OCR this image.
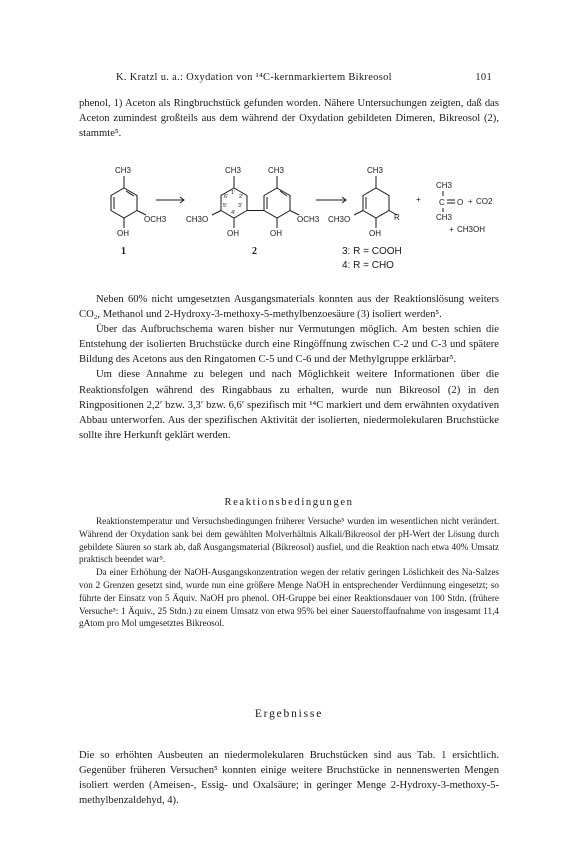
K. Kratzl u. a.: Oxydation von ¹⁴C-kernmarkiertem Bikreosol	101

phenol, 1) Aceton als Ringbruchstück gefunden worden. Nähere Untersuchungen zeigten, daß das Aceton zumindest großteils aus dem während der Oxydation gebildeten Dimeren, Bikreosol (2), stammte⁵.

CH3
OCH3
OH
CH3	CH3
CH3O	OCH3
OH	OH
1'
2'
3'
4'
5'
6'
CH3
CH3O	R
OH
+
CH3
C O + CO2
CH3
+ CH3OH
1	2	3: R = COOH
4: R = CHO

Neben 60% nicht umgesetzten Ausgangsmaterials konnten aus der Reaktionslösung weiters CO₂, Methanol und 2-Hydroxy-3-methoxy-5-methylbenzoesäure (3) isoliert werden⁵.

Über das Aufbruchschema waren bisher nur Vermutungen möglich. Am besten schien die Entstehung der isolierten Bruchstücke durch eine Ringöffnung zwischen C-2 und C-3 und spätere Bildung des Acetons aus den Ringatomen C-5 und C-6 und der Methylgruppe erklärbar⁵.

Um diese Annahme zu belegen und nach Möglichkeit weitere Informationen über die Reaktionsfolgen während des Ringabbaus zu erhalten, wurde nun Bikreosol (2) in den Ringpositionen 2,2′ bzw. 3,3′ bzw. 6,6′ spezifisch mit ¹⁴C markiert und dem erwähnten oxydativen Abbau unterworfen. Aus der spezifischen Aktivität der isolierten, niedermolekularen Bruchstücke sollte ihre Herkunft geklärt werden.

Reaktionsbedingungen

Reaktionstemperatur und Versuchsbedingungen früherer Versuche⁵ wurden im wesentlichen nicht verändert. Während der Oxydation sank bei dem gewählten Molverhältnis Alkali/Bikreosol der pH-Wert der Lösung durch gebildete Säuren so stark ab, daß Ausgangsmaterial (Bikreosol) ausfiel, und die Reaktion nach etwa 40% Umsatz praktisch beendet war⁵.

Da einer Erhöhung der NaOH-Ausgangskonzentration wegen der relativ geringen Löslichkeit des Na-Salzes von 2 Grenzen gesetzt sind, wurde nun eine größere Menge NaOH in entsprechender Verdünnung eingesetzt; so führte der Einsatz von 5 Äquiv. NaOH pro phenol. OH-Gruppe bei einer Reaktionsdauer von 100 Stdn. (frühere Versuche⁵: 1 Äquiv., 25 Stdn.) zu einem Umsatz von etwa 95% bei einer Sauerstoffaufnahme von insgesamt 11,4 gAtom pro Mol umgesetztes Bikreosol.

Ergebnisse

Die so erhöhten Ausbeuten an niedermolekularen Bruchstücken sind aus Tab. 1 ersichtlich. Gegenüber früheren Versuchen⁵ konnten einige weitere Bruchstücke in nennenswerten Mengen isoliert werden (Ameisen-, Essig- und Oxalsäure; in geringer Menge 2-Hydroxy-3-methoxy-5-methylbenzaldehyd, 4).
